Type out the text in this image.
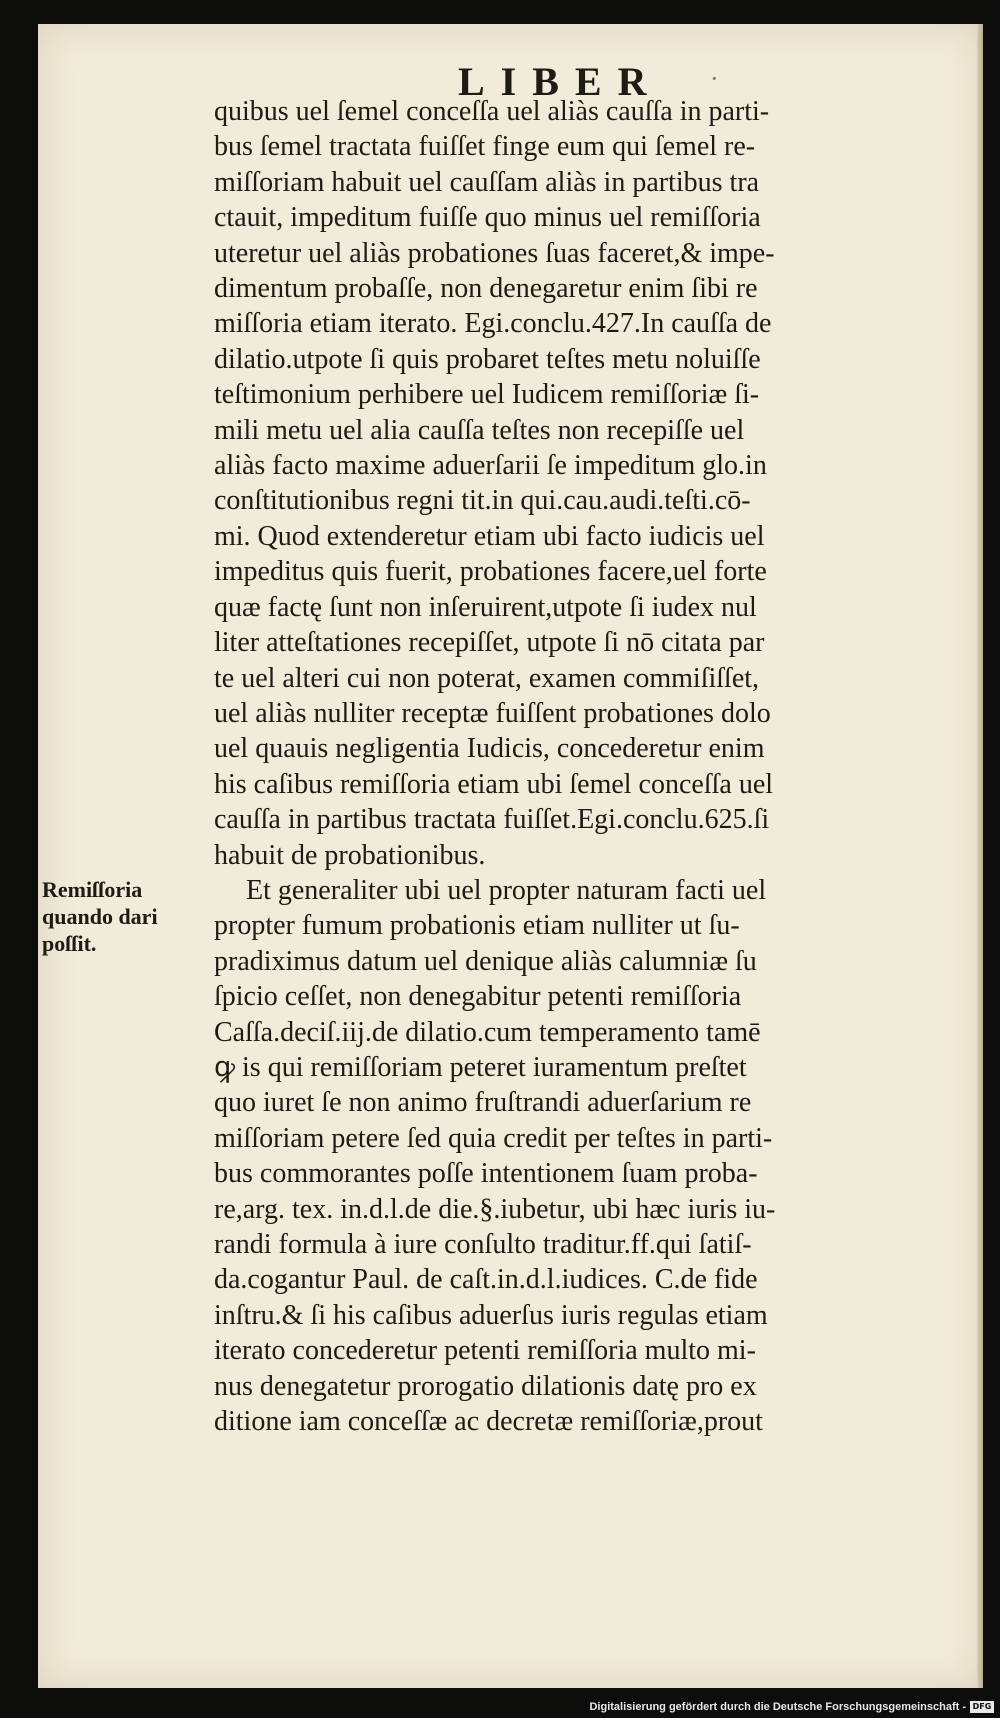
LIBER	·
Remiſſoria
quando dari
poſſit.
quibus uel ſemel conceſſa uel aliàs cauſſa in parti-
bus ſemel tractata fuiſſet finge eum qui ſemel re-
miſſoriam habuit uel cauſſam aliàs in partibus tra
ctauit, impeditum fuiſſe quo minus uel remiſſoria
uteretur uel aliàs probationes ſuas faceret,& impe-
dimentum probaſſe, non denegaretur enim ſibi re
miſſoria etiam iterato. Egi.conclu.427.In cauſſa de
dilatio.utpote ſi quis probaret teſtes metu noluiſſe
teſtimonium perhibere uel Iudicem remiſſoriæ ſi-
mili metu uel alia cauſſa teſtes non recepiſſe uel
aliàs facto maxime aduerſarii ſe impeditum glo.in
conſtitutionibus regni tit.in qui.cau.audi.teſti.cō-
mi. Quod extenderetur etiam ubi facto iudicis uel
impeditus quis fuerit, probationes facere,uel forte
quæ factę ſunt non inſeruirent,utpote ſi iudex nul
liter atteſtationes recepiſſet, utpote ſi nō citata par
te uel alteri cui non poterat, examen commiſiſſet,
uel aliàs nulliter receptæ fuiſſent probationes dolo
uel quauis negligentia Iudicis, concederetur enim
his caſibus remiſſoria etiam ubi ſemel conceſſa uel
cauſſa in partibus tractata fuiſſet.Egi.conclu.625.ſi
habuit de probationibus.
Et generaliter ubi uel propter naturam facti uel
propter fumum probationis etiam nulliter ut ſu-
pradiximus datum uel denique aliàs calumniæ ſu
ſpicio ceſſet, non denegabitur petenti remiſſoria
Caſſa.deciſ.iij.de dilatio.cum temperamento tamē
ꝙ is qui remiſſoriam peteret iuramentum preſtet
quo iuret ſe non animo fruſtrandi aduerſarium re
miſſoriam petere ſed quia credit per teſtes in parti-
bus commorantes poſſe intentionem ſuam proba-
re,arg. tex. in.d.l.de die.§.iubetur, ubi hæc iuris iu-
randi formula à iure conſulto traditur.ff.qui ſatiſ-
da.cogantur Paul. de caſt.in.d.l.iudices. C.de fide
inſtru.& ſi his caſibus aduerſus iuris regulas etiam
iterato concederetur petenti remiſſoria multo mi-
nus denegatetur prorogatio dilationis datę pro ex
ditione iam conceſſæ ac decretæ remiſſoriæ,prout
Digitalisierung gefördert durch die Deutsche Forschungsgemeinschaft - DFG
